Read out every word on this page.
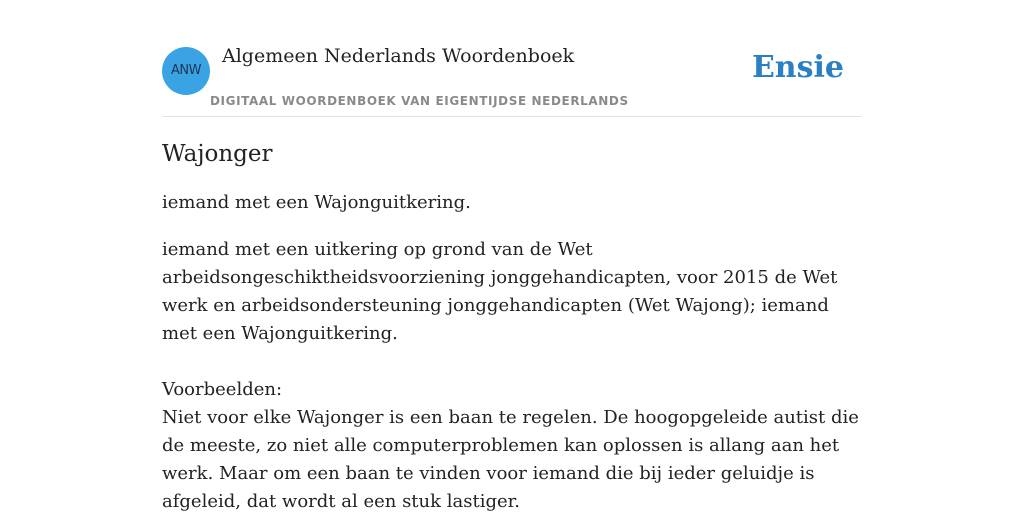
ANW
Algemeen Nederlands Woordenboek
DIGITAAL WOORDENBOEK VAN EIGENTIJDSE NEDERLANDS
Ensie
Wajonger

iemand met een Wajonguitkering.

iemand met een uitkering op grond van de Wet arbeidsongeschiktheidsvoorziening jonggehandicapten, voor 2015 de Wet werk en arbeidsondersteuning jonggehandicapten (Wet Wajong); iemand met een Wajonguitkering.

Voorbeelden:

Niet voor elke Wajonger is een baan te regelen. De hoogopgeleide autist die de meeste, zo niet alle computerproblemen kan oplossen is allang aan het werk. Maar om een baan te vinden voor iemand die bij ieder geluidje is afgeleid, dat wordt al een stuk lastiger.
